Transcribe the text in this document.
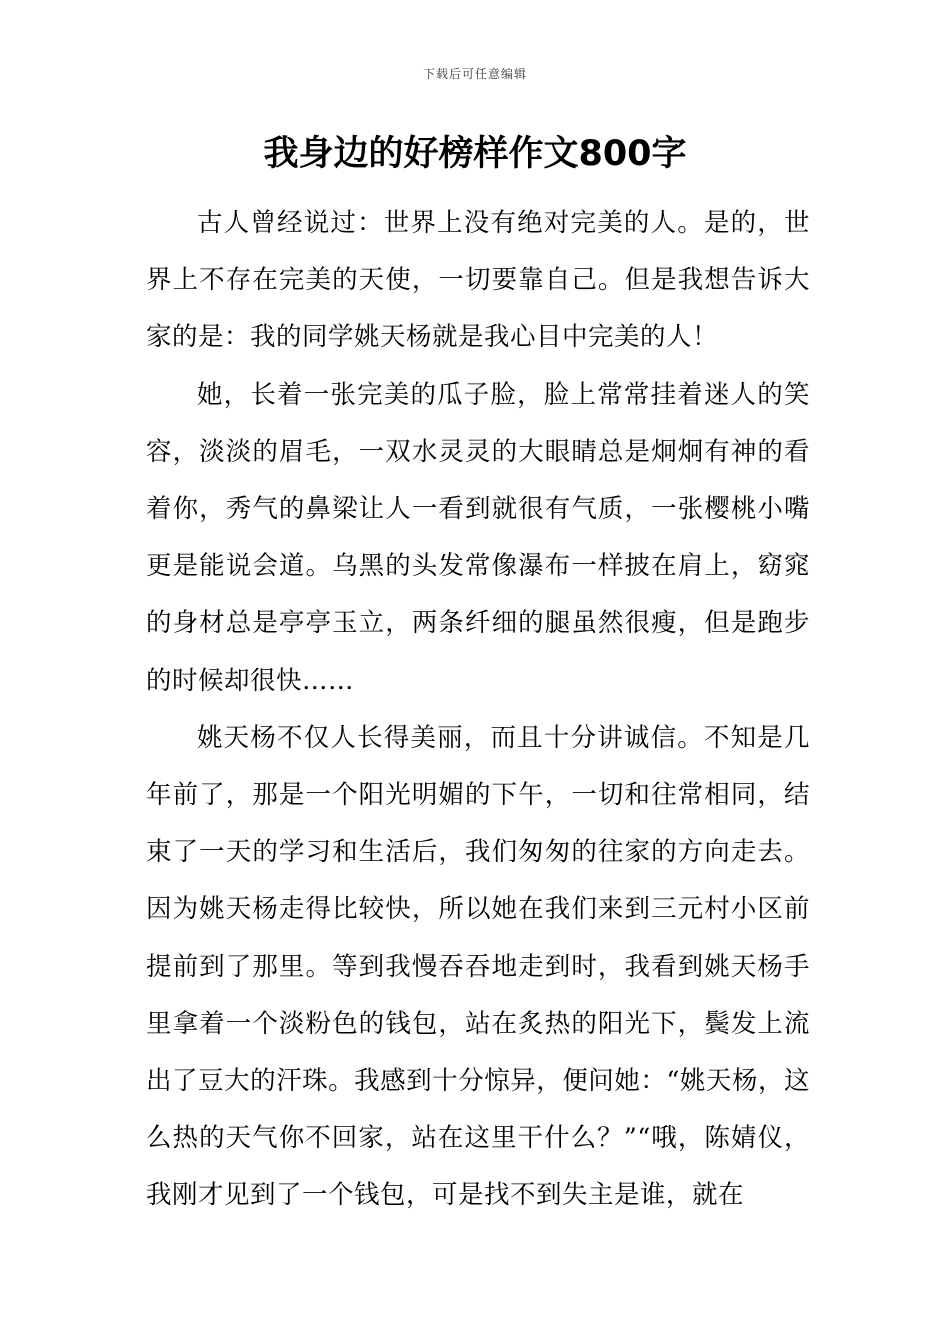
下载后可任意编辑
我身边的好榜样作文800字

古人曾经说过：世界上没有绝对完美的人。是的，世界上不存在完美的天使，一切要靠自己。但是我想告诉大家的是：我的同学姚天杨就是我心目中完美的人！

她，长着一张完美的瓜子脸，脸上常常挂着迷人的笑容，淡淡的眉毛，一双水灵灵的大眼睛总是炯炯有神的看着你，秀气的鼻梁让人一看到就很有气质，一张樱桃小嘴更是能说会道。乌黑的头发常像瀑布一样披在肩上，窈窕的身材总是亭亭玉立，两条纤细的腿虽然很瘦，但是跑步的时候却很快……

姚天杨不仅人长得美丽，而且十分讲诚信。不知是几年前了，那是一个阳光明媚的下午，一切和往常相同，结束了一天的学习和生活后，我们匆匆的往家的方向走去。因为姚天杨走得比较快，所以她在我们来到三元村小区前提前到了那里。等到我慢吞吞地走到时，我看到姚天杨手里拿着一个淡粉色的钱包，站在炙热的阳光下，鬓发上流出了豆大的汗珠。我感到十分惊异，便问她：“姚天杨，这么热的天气你不回家，站在这里干什么？”“哦，陈婧仪，我刚才见到了一个钱包，可是找不到失主是谁，就在
